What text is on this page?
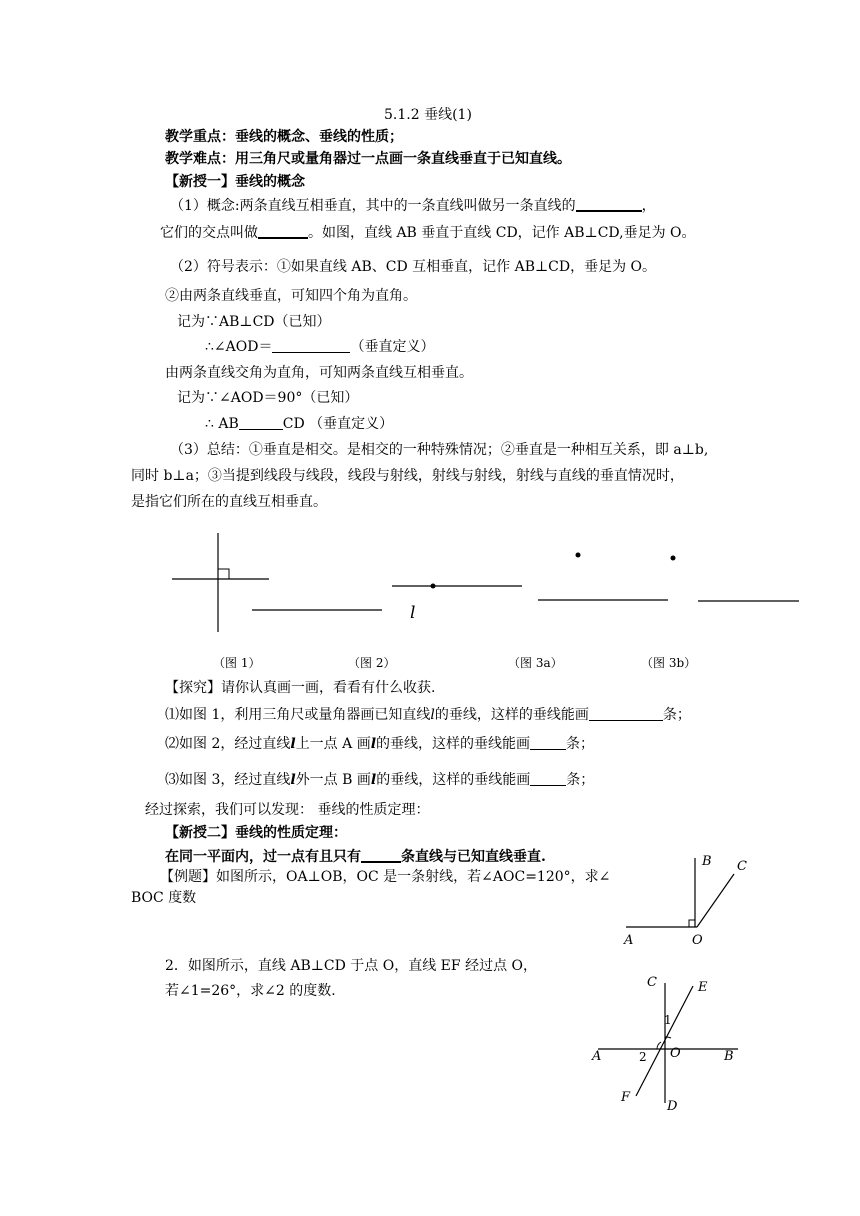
5.1.2 垂线(1)
教学重点：垂线的概念、垂线的性质；
教学难点：用三角尺或量角器过一点画一条直线垂直于已知直线。
【新授一】垂线的概念
（1）概念:两条直线互相垂直，其中的一条直线叫做另一条直线的	，
它们的交点叫做	。如图，直线 AB 垂直于直线 CD，记作 AB⊥CD,垂足为 O。
（2）符号表示：①如果直线 AB、CD 互相垂直，记作 AB⊥CD，垂足为 O。
②由两条直线垂直，可知四个角为直角。
记为∵AB⊥CD（已知）
∴∠AOD＝	（垂直定义）
由两条直线交角为直角，可知两条直线互相垂直。
记为∵∠AOD＝90°（已知）
∴ AB	CD （垂直定义）
（3）总结：①垂直是相交。是相交的一种特殊情况；②垂直是一种相互关系，即 a⊥b,
同时 b⊥a；③当提到线段与线段，线段与射线，射线与射线，射线与直线的垂直情况时，
是指它们所在的直线互相垂直。
l
（图 1）	（图 2）	（图 3a）	（图 3b）
【探究】请你认真画一画，看看有什么收获.
⑴如图 1，利用三角尺或量角器画已知直线l的垂线，这样的垂线能画	条；
⑵如图 2，经过直线l上一点 A 画l的垂线，这样的垂线能画	条；
⑶如图 3，经过直线l外一点 B 画l的垂线，这样的垂线能画	条；
经过探索，我们可以发现： 垂线的性质定理：
【新授二】垂线的性质定理：
在同一平面内，过一点有且只有	条直线与已知直线垂直.
【例题】如图所示，OA⊥OB，OC 是一条射线，若∠AOC=120°，求∠
BOC 度数
B C
A	O
2．如图所示，直线 AB⊥CD 于点 O，直线 EF 经过点 O，
若∠1=26°，求∠2 的度数.
C	E
1
A	2 O	B
F
D
